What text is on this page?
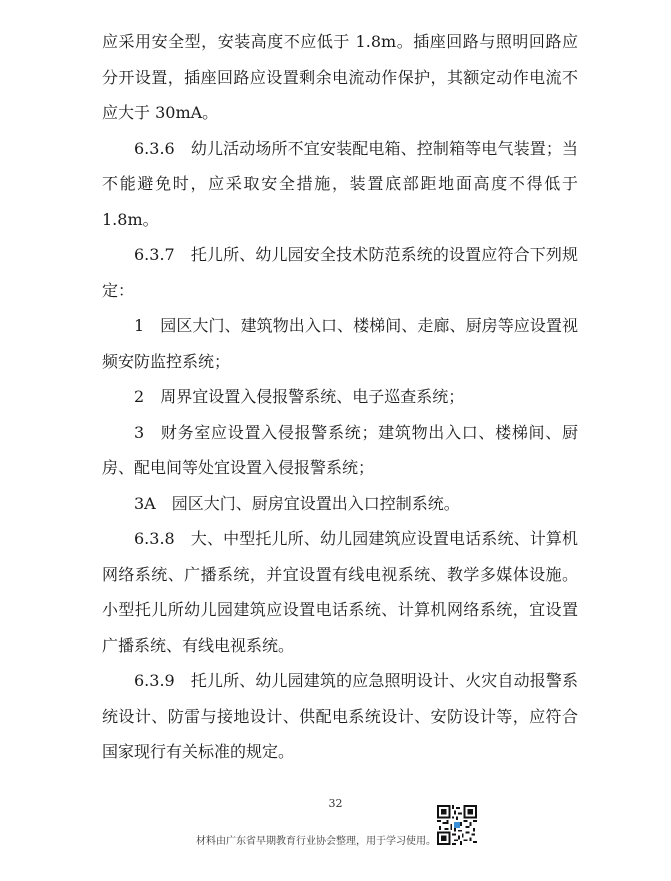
应采用安全型，安装高度不应低于 1.8m。插座回路与照明回路应分开设置，插座回路应设置剩余电流动作保护，其额定动作电流不应大于 30mA。

6.3.6 幼儿活动场所不宜安装配电箱、控制箱等电气装置；当不能避免时，应采取安全措施，装置底部距地面高度不得低于 1.8m。

6.3.7 托儿所、幼儿园安全技术防范系统的设置应符合下列规定：

1 园区大门、建筑物出入口、楼梯间、走廊、厨房等应设置视频安防监控系统；

2 周界宜设置入侵报警系统、电子巡查系统；

3 财务室应设置入侵报警系统；建筑物出入口、楼梯间、厨房、配电间等处宜设置入侵报警系统；

3A 园区大门、厨房宜设置出入口控制系统。

6.3.8 大、中型托儿所、幼儿园建筑应设置电话系统、计算机网络系统、广播系统，并宜设置有线电视系统、教学多媒体设施。小型托儿所幼儿园建筑应设置电话系统、计算机网络系统，宜设置广播系统、有线电视系统。

6.3.9 托儿所、幼儿园建筑的应急照明设计、火灾自动报警系统设计、防雷与接地设计、供配电系统设计、安防设计等，应符合国家现行有关标准的规定。

32
材料由广东省早期教育行业协会整理，用于学习使用。
